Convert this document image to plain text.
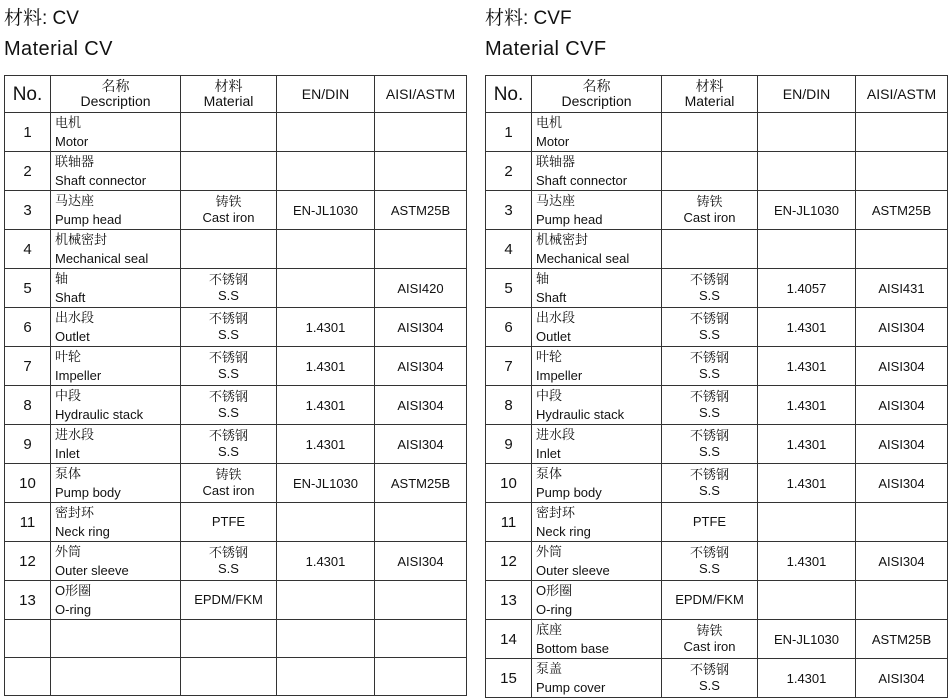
材料: CV
Material CV
No.	名称
Description	材料
Material	EN/DIN	AISI/ASTM
1	电机
Motor			

2	联轴器
Shaft connector			

3	马达座
Pump head	铸铁
Cast iron	EN-JL1030	ASTM25B
4	机械密封
Mechanical seal			

5	轴
Shaft	不锈钢
S.S		AISI420
6	出水段
Outlet	不锈钢
S.S	1.4301	AISI304
7	叶轮
Impeller	不锈钢
S.S	1.4301	AISI304
8	中段
Hydraulic stack	不锈钢
S.S	1.4301	AISI304
9	进水段
Inlet	不锈钢
S.S	1.4301	AISI304
10	泵体
Pump body	铸铁
Cast iron	EN-JL1030	ASTM25B
11	密封环
Neck ring	PTFE		

12	外筒
Outer sleeve	不锈钢
S.S	1.4301	AISI304
13	O形圈
O-ring	EPDM/FKM		

材料: CVF
Material CVF
No.	名称
Description	材料
Material	EN/DIN	AISI/ASTM
1	电机
Motor			

2	联轴器
Shaft connector			

3	马达座
Pump head	铸铁
Cast iron	EN-JL1030	ASTM25B
4	机械密封
Mechanical seal			

5	轴
Shaft	不锈钢
S.S	1.4057	AISI431
6	出水段
Outlet	不锈钢
S.S	1.4301	AISI304
7	叶轮
Impeller	不锈钢
S.S	1.4301	AISI304
8	中段
Hydraulic stack	不锈钢
S.S	1.4301	AISI304
9	进水段
Inlet	不锈钢
S.S	1.4301	AISI304
10	泵体
Pump body	不锈钢
S.S	1.4301	AISI304
11	密封环
Neck ring	PTFE		

12	外筒
Outer sleeve	不锈钢
S.S	1.4301	AISI304
13	O形圈
O-ring	EPDM/FKM		

14	底座
Bottom base	铸铁
Cast iron	EN-JL1030	ASTM25B
15	泵盖
Pump cover	不锈钢
S.S	1.4301	AISI304
